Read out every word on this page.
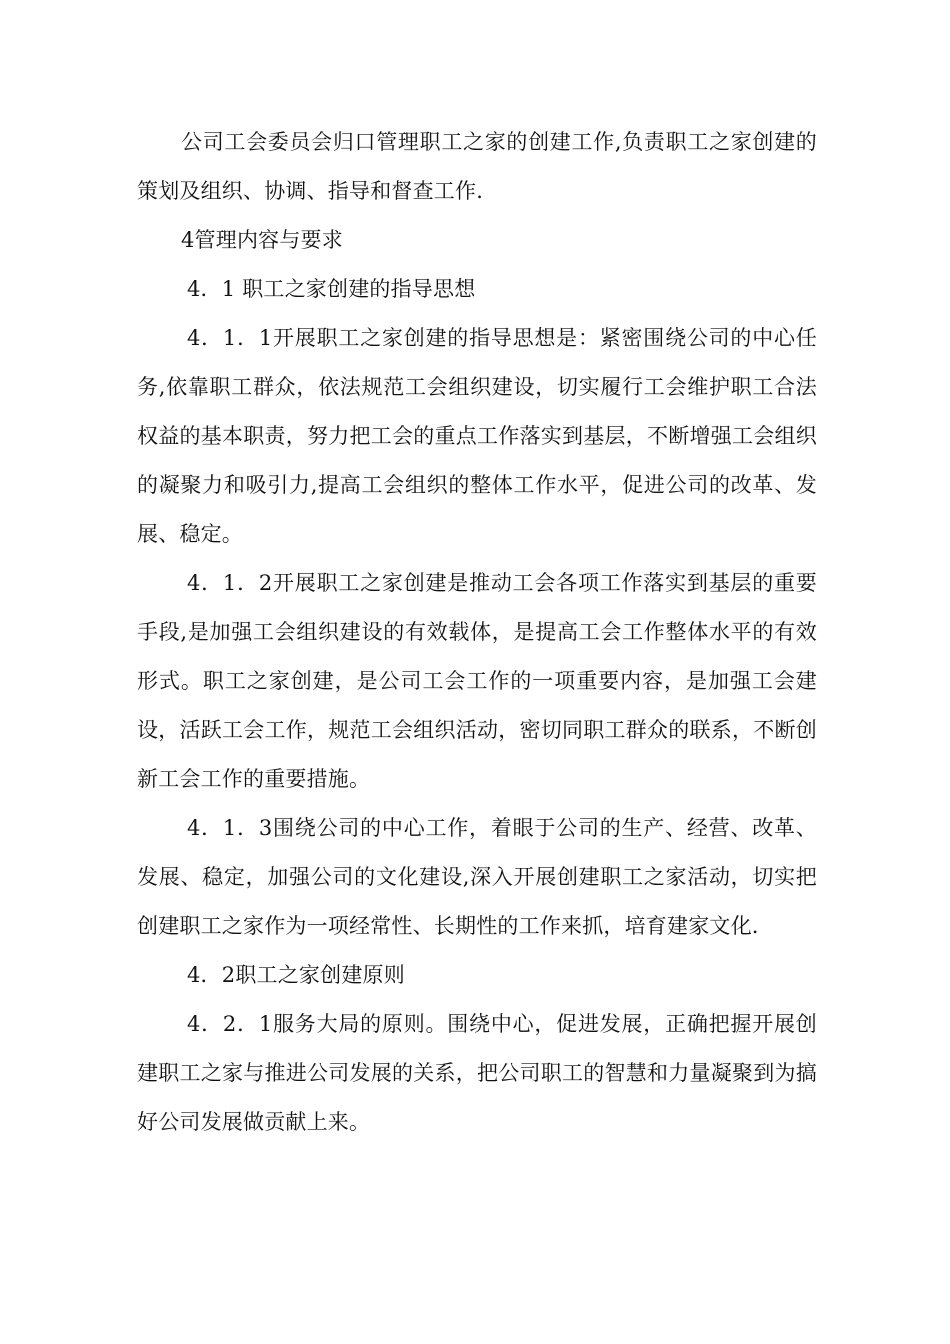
公司工会委员会归口管理职工之家的创建工作,负责职工之家创建的策划及组织、协调、指导和督查工作.

4管理内容与要求

4．1 职工之家创建的指导思想

4．1．1开展职工之家创建的指导思想是：紧密围绕公司的中心任务,依靠职工群众，依法规范工会组织建设，切实履行工会维护职工合法权益的基本职责，努力把工会的重点工作落实到基层，不断增强工会组织的凝聚力和吸引力,提高工会组织的整体工作水平，促进公司的改革、发展、稳定。

4．1．2开展职工之家创建是推动工会各项工作落实到基层的重要手段,是加强工会组织建设的有效载体，是提高工会工作整体水平的有效形式。职工之家创建，是公司工会工作的一项重要内容，是加强工会建设，活跃工会工作，规范工会组织活动，密切同职工群众的联系，不断创新工会工作的重要措施。

4．1．3围绕公司的中心工作，着眼于公司的生产、经营、改革、发展、稳定，加强公司的文化建设,深入开展创建职工之家活动，切实把创建职工之家作为一项经常性、长期性的工作来抓，培育建家文化.

4．2职工之家创建原则

4．2．1服务大局的原则。围绕中心，促进发展，正确把握开展创建职工之家与推进公司发展的关系，把公司职工的智慧和力量凝聚到为搞好公司发展做贡献上来。
